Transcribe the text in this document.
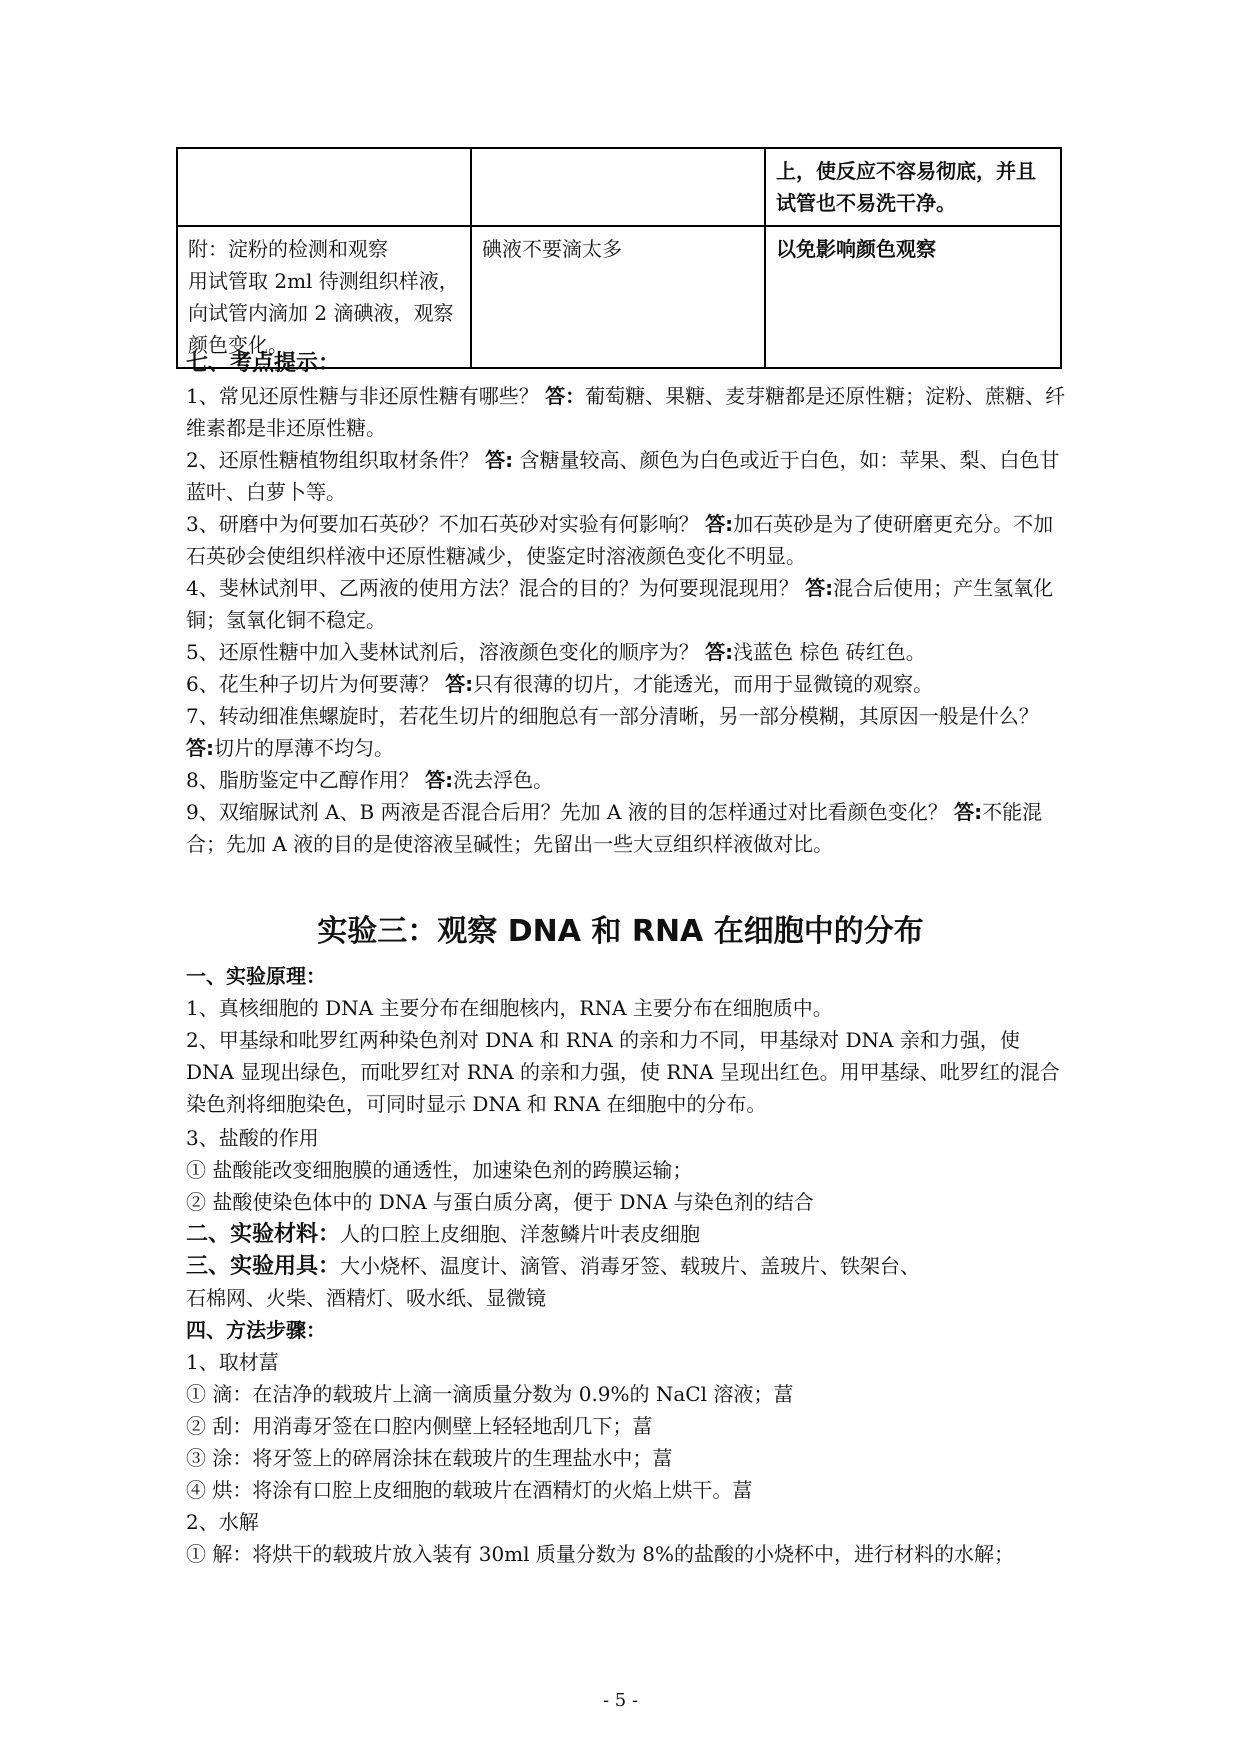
		上，使反应不容易彻底，并且试管也不易洗干净。

附：淀粉的检测和观察
用试管取 2ml 待测组织样液，向试管内滴加 2 滴碘液，观察颜色变化。	碘液不要滴太多	以免影响颜色观察
七、考点提示：
1、常见还原性糖与非还原性糖有哪些？ 答：葡萄糖、果糖、麦芽糖都是还原性糖；淀粉、蔗糖、纤维素都是非还原性糖。
2、还原性糖植物组织取材条件？ 答: 含糖量较高、颜色为白色或近于白色，如：苹果、梨、白色甘蓝叶、白萝卜等。
3、研磨中为何要加石英砂？不加石英砂对实验有何影响？ 答:加石英砂是为了使研磨更充分。不加石英砂会使组织样液中还原性糖减少，使鉴定时溶液颜色变化不明显。
4、斐林试剂甲、乙两液的使用方法？混合的目的？为何要现混现用？ 答:混合后使用；产生氢氧化铜；氢氧化铜不稳定。
5、还原性糖中加入斐林试剂后，溶液颜色变化的顺序为？ 答:浅蓝色 棕色 砖红色。
6、花生种子切片为何要薄？ 答:只有很薄的切片，才能透光，而用于显微镜的观察。
7、转动细准焦螺旋时，若花生切片的细胞总有一部分清晰，另一部分模糊，其原因一般是什么？ 答:切片的厚薄不均匀。
8、脂肪鉴定中乙醇作用？ 答:洗去浮色。
9、双缩脲试剂 A、B 两液是否混合后用？先加 A 液的目的怎样通过对比看颜色变化？ 答:不能混合；先加 A 液的目的是使溶液呈碱性；先留出一些大豆组织样液做对比。
实验三：观察 DNA 和 RNA 在细胞中的分布
一、实验原理：
1、真核细胞的 DNA 主要分布在细胞核内，RNA 主要分布在细胞质中。
2、甲基绿和吡罗红两种染色剂对 DNA 和 RNA 的亲和力不同，甲基绿对 DNA 亲和力强，使 DNA 显现出绿色，而吡罗红对 RNA 的亲和力强，使 RNA 呈现出红色。用甲基绿、吡罗红的混合染色剂将细胞染色，可同时显示 DNA 和 RNA 在细胞中的分布。
3、盐酸的作用
① 盐酸能改变细胞膜的通透性，加速染色剂的跨膜运输；
② 盐酸使染色体中的 DNA 与蛋白质分离，便于 DNA 与染色剂的结合
二、实验材料：人的口腔上皮细胞、洋葱鳞片叶表皮细胞
三、实验用具：大小烧杯、温度计、滴管、消毒牙签、载玻片、盖玻片、铁架台、
石棉网、火柴、酒精灯、吸水纸、显微镜
四、方法步骤：
1、取材葍
① 滴：在洁净的载玻片上滴一滴质量分数为 0.9%的 NaCl 溶液；葍
② 刮：用消毒牙签在口腔内侧壁上轻轻地刮几下；葍
③ 涂：将牙签上的碎屑涂抹在载玻片的生理盐水中；葍
④ 烘：将涂有口腔上皮细胞的载玻片在酒精灯的火焰上烘干。葍
2、水解
① 解：将烘干的载玻片放入装有 30ml 质量分数为 8%的盐酸的小烧杯中，进行材料的水解；
- 5 -
